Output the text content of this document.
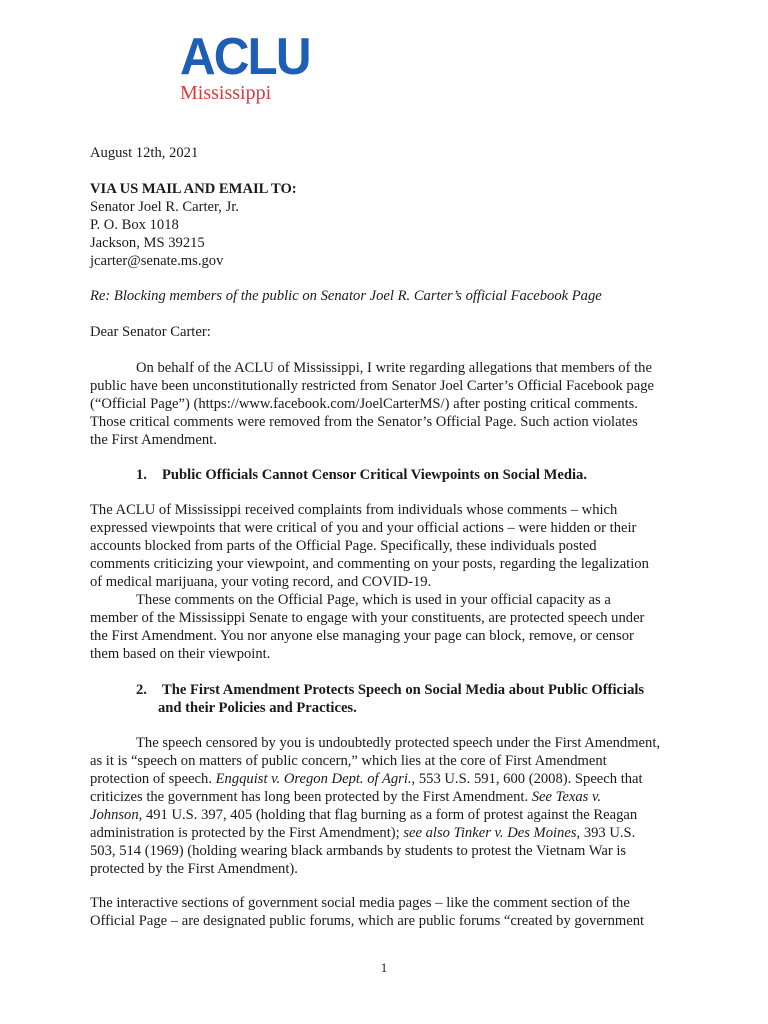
ACLU
Mississippi
August 12th, 2021
VIA US MAIL AND EMAIL TO:
Senator Joel R. Carter, Jr.
P. O. Box 1018
Jackson, MS 39215
jcarter@senate.ms.gov
Re: Blocking members of the public on Senator Joel R. Carter’s official Facebook Page
Dear Senator Carter:
On behalf of the ACLU of Mississippi, I write regarding allegations that members of the
public have been unconstitutionally restricted from Senator Joel Carter’s Official Facebook page
(“Official Page”) (https://www.facebook.com/JoelCarterMS/) after posting critical comments.
Those critical comments were removed from the Senator’s Official Page. Such action violates
the First Amendment.
1. Public Officials Cannot Censor Critical Viewpoints on Social Media.
The ACLU of Mississippi received complaints from individuals whose comments – which
expressed viewpoints that were critical of you and your official actions – were hidden or their
accounts blocked from parts of the Official Page. Specifically, these individuals posted
comments criticizing your viewpoint, and commenting on your posts, regarding the legalization
of medical marijuana, your voting record, and COVID-19.
These comments on the Official Page, which is used in your official capacity as a
member of the Mississippi Senate to engage with your constituents, are protected speech under
the First Amendment. You nor anyone else managing your page can block, remove, or censor
them based on their viewpoint.
2. The First Amendment Protects Speech on Social Media about Public Officials
and their Policies and Practices.
The speech censored by you is undoubtedly protected speech under the First Amendment,
as it is “speech on matters of public concern,” which lies at the core of First Amendment
protection of speech. Engquist v. Oregon Dept. of Agri., 553 U.S. 591, 600 (2008). Speech that
criticizes the government has long been protected by the First Amendment. See Texas v.
Johnson, 491 U.S. 397, 405 (holding that flag burning as a form of protest against the Reagan
administration is protected by the First Amendment); see also Tinker v. Des Moines, 393 U.S.
503, 514 (1969) (holding wearing black armbands by students to protest the Vietnam War is
protected by the First Amendment).
The interactive sections of government social media pages – like the comment section of the
Official Page – are designated public forums, which are public forums “created by government
1
